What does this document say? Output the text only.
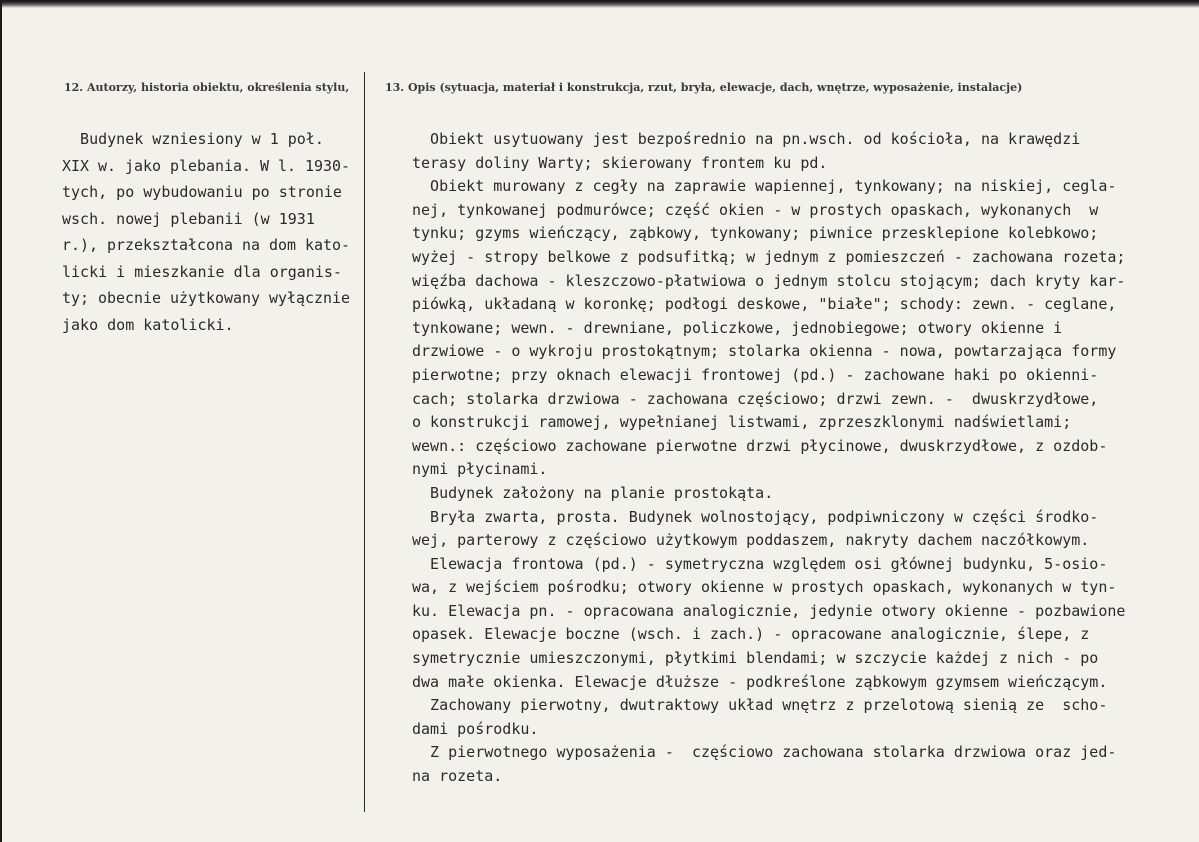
12. Autorzy, historia obiektu, określenia stylu,	13. Opis (sytuacja, materiał i konstrukcja, rzut, bryła, elewacje, dach, wnętrze, wyposażenie, instalacje)
Budynek wzniesiony w 1 poł.
XIX w. jako plebania. W l. 1930-
tych, po wybudowaniu po stronie
wsch. nowej plebanii (w 1931
r.), przekształcona na dom kato-
licki i mieszkanie dla organis-
ty; obecnie użytkowany wyłącznie
jako dom katolicki.
Obiekt usytuowany jest bezpośrednio na pn.wsch. od kościoła, na krawędzi
terasy doliny Warty; skierowany frontem ku pd.
Obiekt murowany z cegły na zaprawie wapiennej, tynkowany; na niskiej, cegla-
nej, tynkowanej podmurówce; część okien - w prostych opaskach, wykonanych  w
tynku; gzyms wieńczący, ząbkowy, tynkowany; piwnice przesklepione kolebkowo;
wyżej - stropy belkowe z podsufitką; w jednym z pomieszczeń - zachowana rozeta;
więźba dachowa - kleszczowo-płatwiowa o jednym stolcu stojącym; dach kryty kar-
piówką, układaną w koronkę; podłogi deskowe, "białe"; schody: zewn. - ceglane,
tynkowane; wewn. - drewniane, policzkowe, jednobiegowe; otwory okienne i
drzwiowe - o wykroju prostokątnym; stolarka okienna - nowa, powtarzająca formy
pierwotne; przy oknach elewacji frontowej (pd.) - zachowane haki po okienni-
cach; stolarka drzwiowa - zachowana częściowo; drzwi zewn. -  dwuskrzydłowe,
o konstrukcji ramowej, wypełnianej listwami, zprzeszklonymi nadświetlami;
wewn.: częściowo zachowane pierwotne drzwi płycinowe, dwuskrzydłowe, z ozdob-
nymi płycinami.
Budynek założony na planie prostokąta.
Bryła zwarta, prosta. Budynek wolnostojący, podpiwniczony w części środko-
wej, parterowy z częściowo użytkowym poddaszem, nakryty dachem naczółkowym.
Elewacja frontowa (pd.) - symetryczna względem osi głównej budynku, 5-osio-
wa, z wejściem pośrodku; otwory okienne w prostych opaskach, wykonanych w tyn-
ku. Elewacja pn. - opracowana analogicznie, jedynie otwory okienne - pozbawione
opasek. Elewacje boczne (wsch. i zach.) - opracowane analogicznie, ślepe, z
symetrycznie umieszczonymi, płytkimi blendami; w szczycie każdej z nich - po
dwa małe okienka. Elewacje dłuższe - podkreślone ząbkowym gzymsem wieńczącym.
Zachowany pierwotny, dwutraktowy układ wnętrz z przelotową sienią ze  scho-
dami pośrodku.
Z pierwotnego wyposażenia -  częściowo zachowana stolarka drzwiowa oraz jed-
na rozeta.
